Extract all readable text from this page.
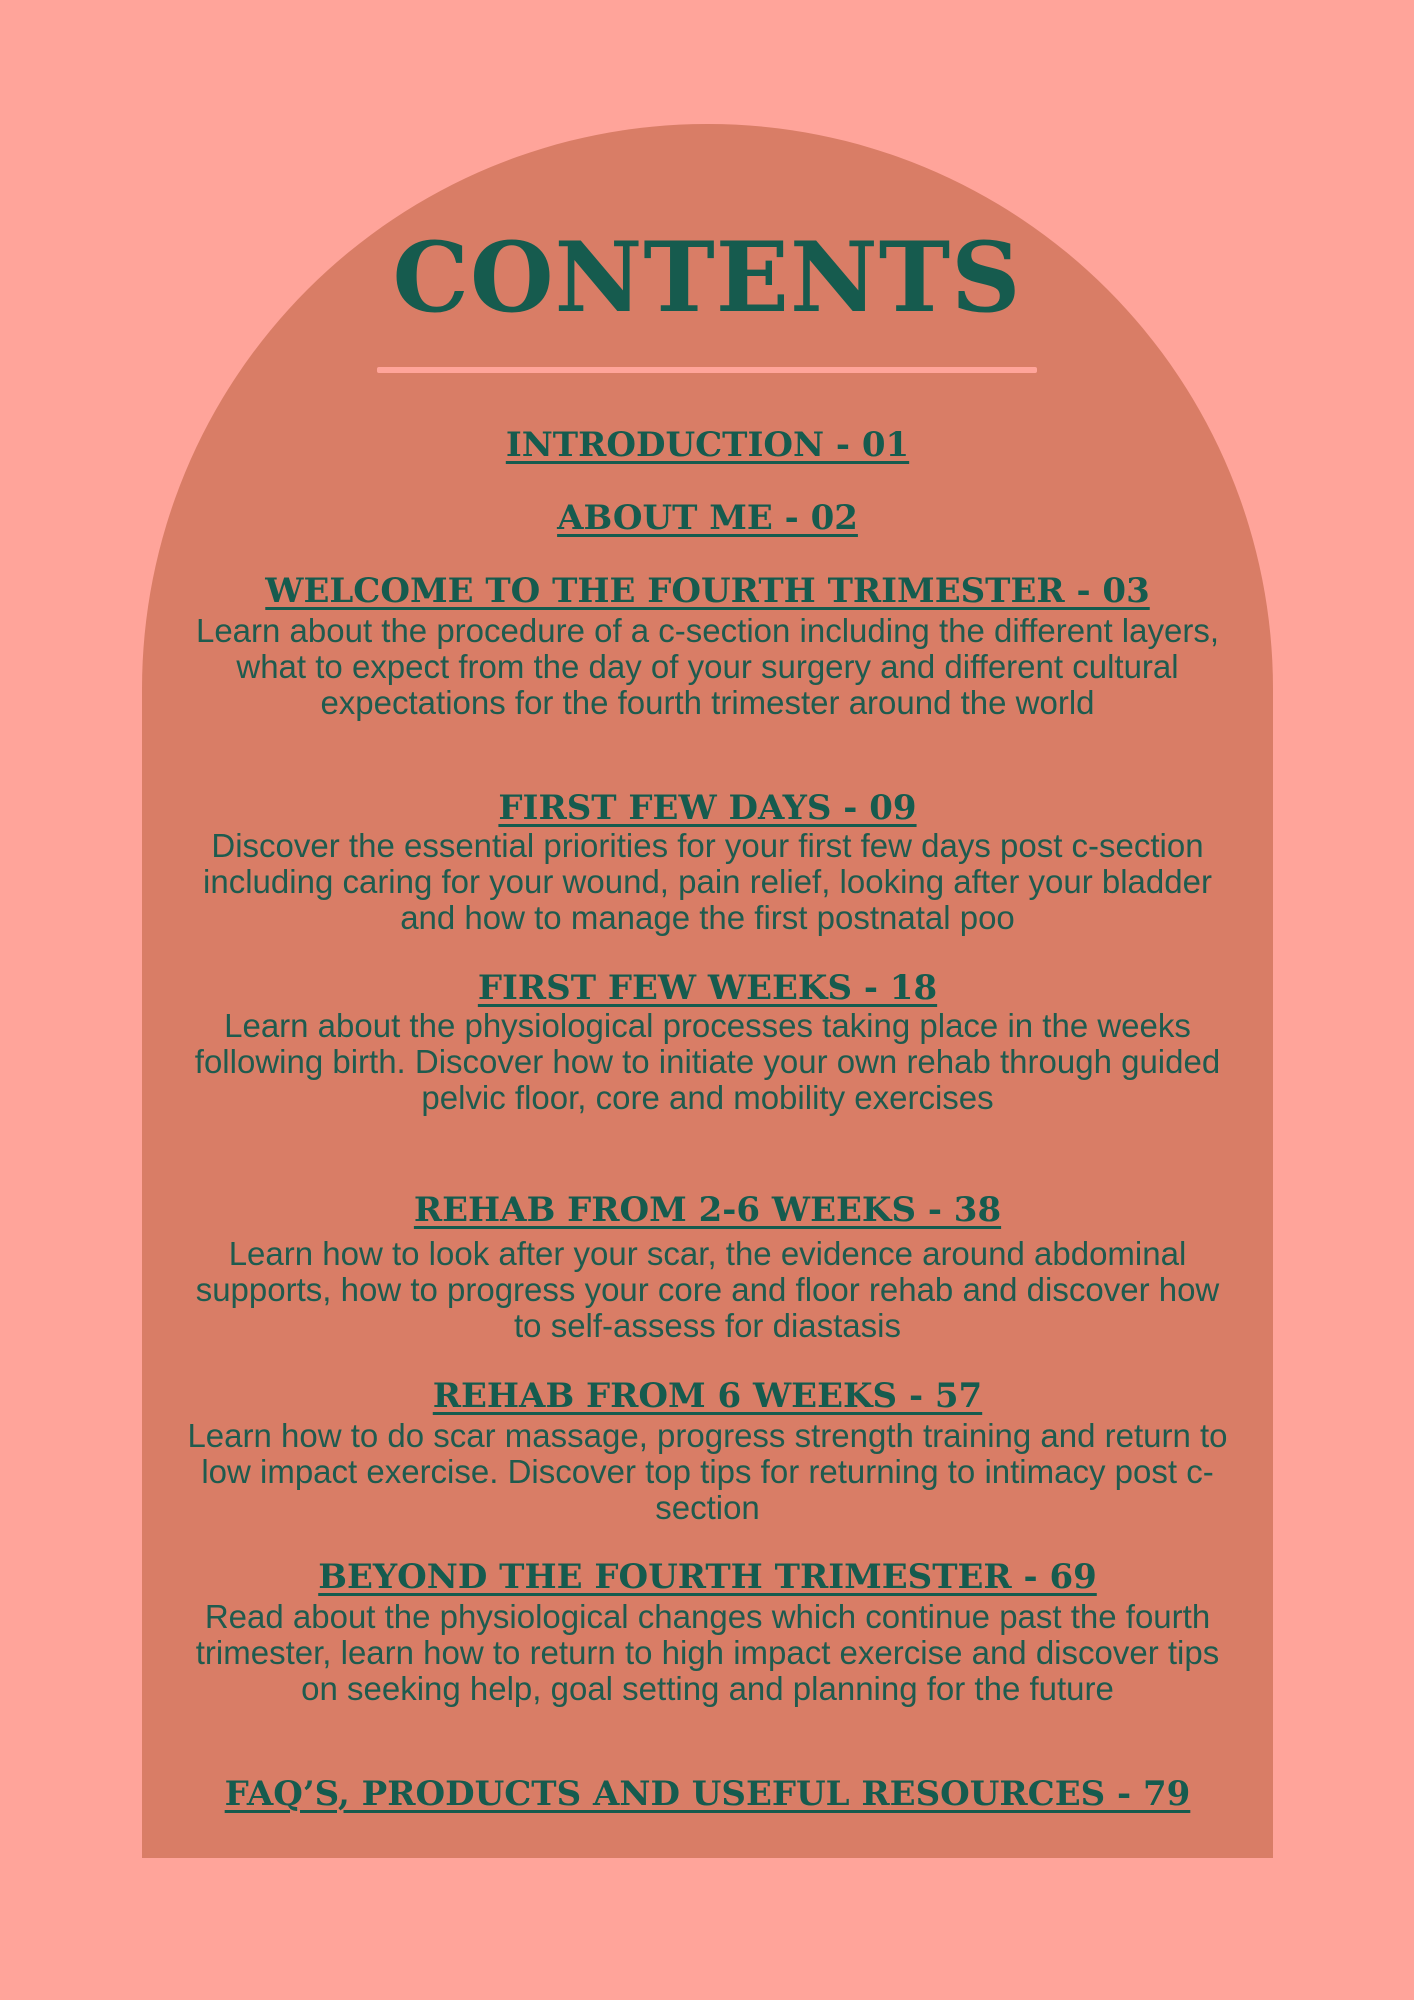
CONTENTS
INTRODUCTION - 01
ABOUT ME - 02
WELCOME TO THE FOURTH TRIMESTER - 03
Learn about the procedure of a c-section including the different layers, what to expect from the day of your surgery and different cultural expectations for the fourth trimester around the world
FIRST FEW DAYS - 09
Discover the essential priorities for your first few days post c-section including caring for your wound, pain relief, looking after your bladder and how to manage the first postnatal poo
FIRST FEW WEEKS - 18
Learn about the physiological processes taking place in the weeks following birth. Discover how to initiate your own rehab through guided pelvic floor, core and mobility exercises
REHAB FROM 2-6 WEEKS - 38
Learn how to look after your scar, the evidence around abdominal supports, how to progress your core and floor rehab and discover how to self-assess for diastasis
REHAB FROM 6 WEEKS - 57
Learn how to do scar massage, progress strength training and return to low impact exercise. Discover top tips for returning to intimacy post c-section
BEYOND THE FOURTH TRIMESTER - 69
Read about the physiological changes which continue past the fourth trimester, learn how to return to high impact exercise and discover tips on seeking help, goal setting and planning for the future
FAQ’S, PRODUCTS AND USEFUL RESOURCES - 79
